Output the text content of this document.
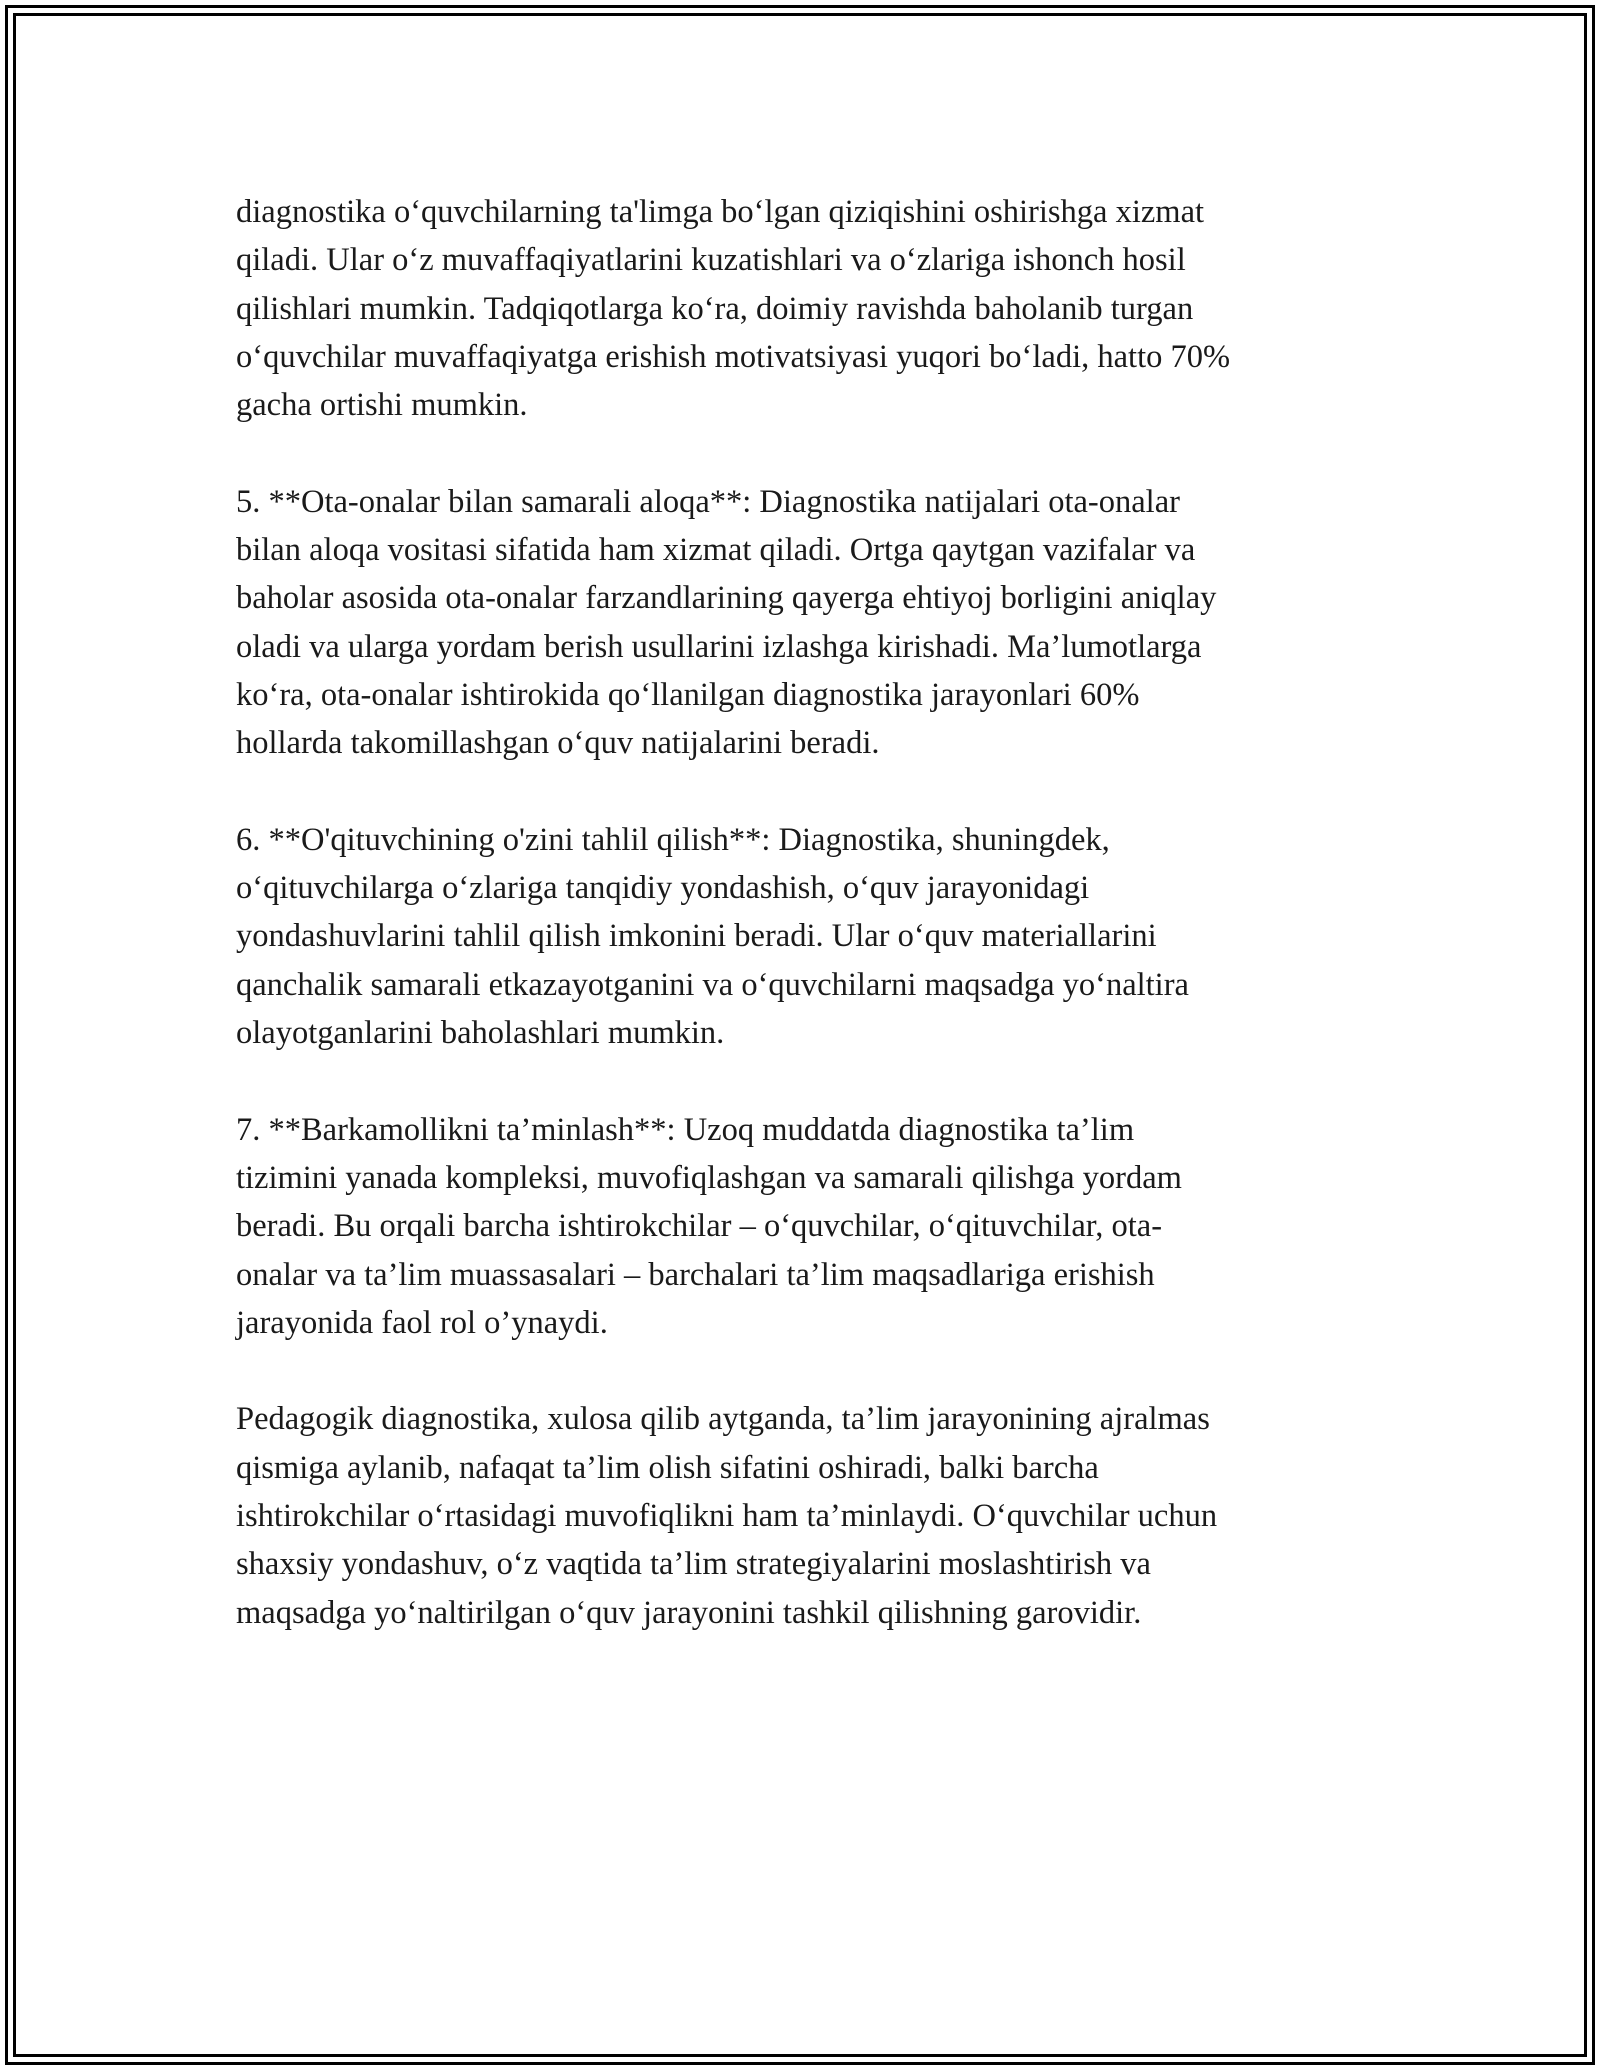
diagnostika o‘quvchilarning ta'limga bo‘lgan qiziqishini oshirishga xizmat
qiladi. Ular o‘z muvaffaqiyatlarini kuzatishlari va o‘zlariga ishonch hosil
qilishlari mumkin. Tadqiqotlarga ko‘ra, doimiy ravishda baholanib turgan
o‘quvchilar muvaffaqiyatga erishish motivatsiyasi yuqori bo‘ladi, hatto 70%
gacha ortishi mumkin.

5. **Ota-onalar bilan samarali aloqa**: Diagnostika natijalari ota-onalar
bilan aloqa vositasi sifatida ham xizmat qiladi. Ortga qaytgan vazifalar va
baholar asosida ota-onalar farzandlarining qayerga ehtiyoj borligini aniqlay
oladi va ularga yordam berish usullarini izlashga kirishadi. Ma’lumotlarga
ko‘ra, ota-onalar ishtirokida qo‘llanilgan diagnostika jarayonlari 60%
hollarda takomillashgan o‘quv natijalarini beradi.

6. **O'qituvchining o'zini tahlil qilish**: Diagnostika, shuningdek,
o‘qituvchilarga o‘zlariga tanqidiy yondashish, o‘quv jarayonidagi
yondashuvlarini tahlil qilish imkonini beradi. Ular o‘quv materiallarini
qanchalik samarali etkazayotganini va o‘quvchilarni maqsadga yo‘naltira
olayotganlarini baholashlari mumkin.

7. **Barkamollikni ta’minlash**: Uzoq muddatda diagnostika ta’lim
tizimini yanada kompleksi, muvofiqlashgan va samarali qilishga yordam
beradi. Bu orqali barcha ishtirokchilar – o‘quvchilar, o‘qituvchilar, ota-
onalar va ta’lim muassasalari – barchalari ta’lim maqsadlariga erishish
jarayonida faol rol o’ynaydi.

Pedagogik diagnostika, xulosa qilib aytganda, ta’lim jarayonining ajralmas
qismiga aylanib, nafaqat ta’lim olish sifatini oshiradi, balki barcha
ishtirokchilar o‘rtasidagi muvofiqlikni ham ta’minlaydi. O‘quvchilar uchun
shaxsiy yondashuv, o‘z vaqtida ta’lim strategiyalarini moslashtirish va
maqsadga yo‘naltirilgan o‘quv jarayonini tashkil qilishning garovidir.
